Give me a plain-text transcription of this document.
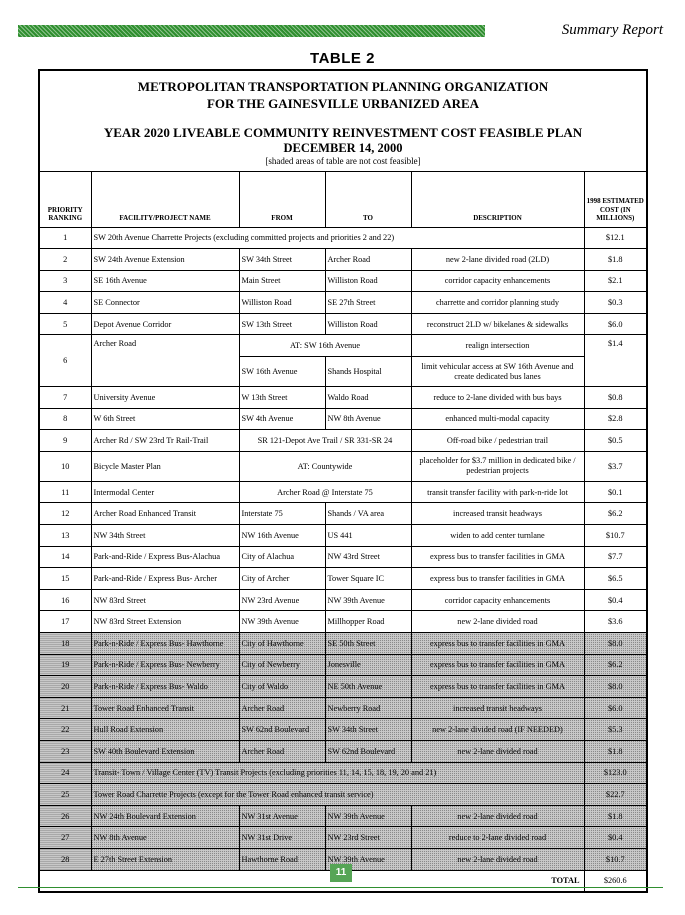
Summary Report
TABLE 2
METROPOLITAN TRANSPORTATION PLANNING ORGANIZATION
FOR THE GAINESVILLE URBANIZED AREA
YEAR 2020 LIVEABLE COMMUNITY REINVESTMENT COST FEASIBLE PLAN
DECEMBER 14, 2000
[shaded areas of table are not cost feasible]					

PRIORITY RANKING	FACILITY/PROJECT NAME	FROM	TO	DESCRIPTION	1998 ESTIMATED COST (IN MILLIONS)
1	SW 20th Avenue Charrette Projects (excluding committed projects and priorities 2 and 22)				$12.1
2	SW 24th Avenue Extension	SW 34th Street	Archer Road	new 2-lane divided road (2LD)	$1.8
3	SE 16th Avenue	Main Street	Williston Road	corridor capacity enhancements	$2.1
4	SE Connector	Williston Road	SE 27th Street	charrette and corridor planning study	$0.3
5	Depot Avenue Corridor	SW 13th Street	Williston Road	reconstruct 2LD w/ bikelanes & sidewalks	$6.0
6	Archer Road	AT: SW 16th Avenue		realign intersection	$1.4
		SW 16th Avenue	Shands Hospital	limit vehicular access at SW 16th Avenue and create dedicated bus lanes	
7	University Avenue	W 13th Street	Waldo Road	reduce to 2-lane divided with bus bays	$0.8
8	W 6th Street	SW 4th Avenue	NW 8th Avenue	enhanced multi-modal capacity	$2.8
9	Archer Rd / SW 23rd Tr Rail-Trail	SR 121-Depot Ave Trail / SR 331-SR 24		Off-road bike / pedestrian trail	$0.5
10	Bicycle Master Plan	AT: Countywide		placeholder for $3.7 million in dedicated bike / pedestrian projects	$3.7
11	Intermodal Center	Archer Road @ Interstate 75		transit transfer facility with park-n-ride lot	$0.1
12	Archer Road Enhanced Transit	Interstate 75	Shands / VA area	increased transit headways	$6.2
13	NW 34th Street	NW 16th Avenue	US 441	widen to add center turnlane	$10.7
14	Park-and-Ride / Express Bus-Alachua	City of Alachua	NW 43rd Street	express bus to transfer facilities in GMA	$7.7
15	Park-and-Ride / Express Bus- Archer	City of Archer	Tower Square IC	express bus to transfer facilities in GMA	$6.5
16	NW 83rd Street	NW 23rd Avenue	NW 39th Avenue	corridor capacity enhancements	$0.4
17	NW 83rd Street Extension	NW 39th Avenue	Millhopper Road	new 2-lane divided road	$3.6
18	Park-n-Ride / Express Bus- Hawthorne	City of Hawthorne	SE 50th Street	express bus to transfer facilities in GMA	$8.0
19	Park-n-Ride / Express Bus- Newberry	City of Newberry	Jonesville	express bus to transfer facilities in GMA	$6.2
20	Park-n-Ride / Express Bus- Waldo	City of Waldo	NE 50th Avenue	express bus to transfer facilities in GMA	$8.0
21	Tower Road Enhanced Transit	Archer Road	Newberry Road	increased transit headways	$6.0
22	Hull Road Extension	SW 62nd Boulevard	SW 34th Street	new 2-lane divided road (IF NEEDED)	$5.3
23	SW 40th Boulevard Extension	Archer Road	SW 62nd Boulevard	new 2-lane divided road	$1.8
24	Transit- Town / Village Center (TV) Transit Projects (excluding priorities 11, 14, 15, 18, 19, 20 and 21)				$123.0
25	Tower Road Charrette Projects (except for the Tower Road enhanced transit service)				$22.7
26	NW 24th Boulevard Extension	NW 31st Avenue	NW 39th Avenue	new 2-lane divided road	$1.8
27	NW 8th Avenue	NW 31st Drive	NW 23rd Street	reduce to 2-lane divided road	$0.4
28	E 27th Street Extension	Hawthorne Road	NW 39th Avenue	new 2-lane divided road	$10.7
TOTAL					$260.6
11
